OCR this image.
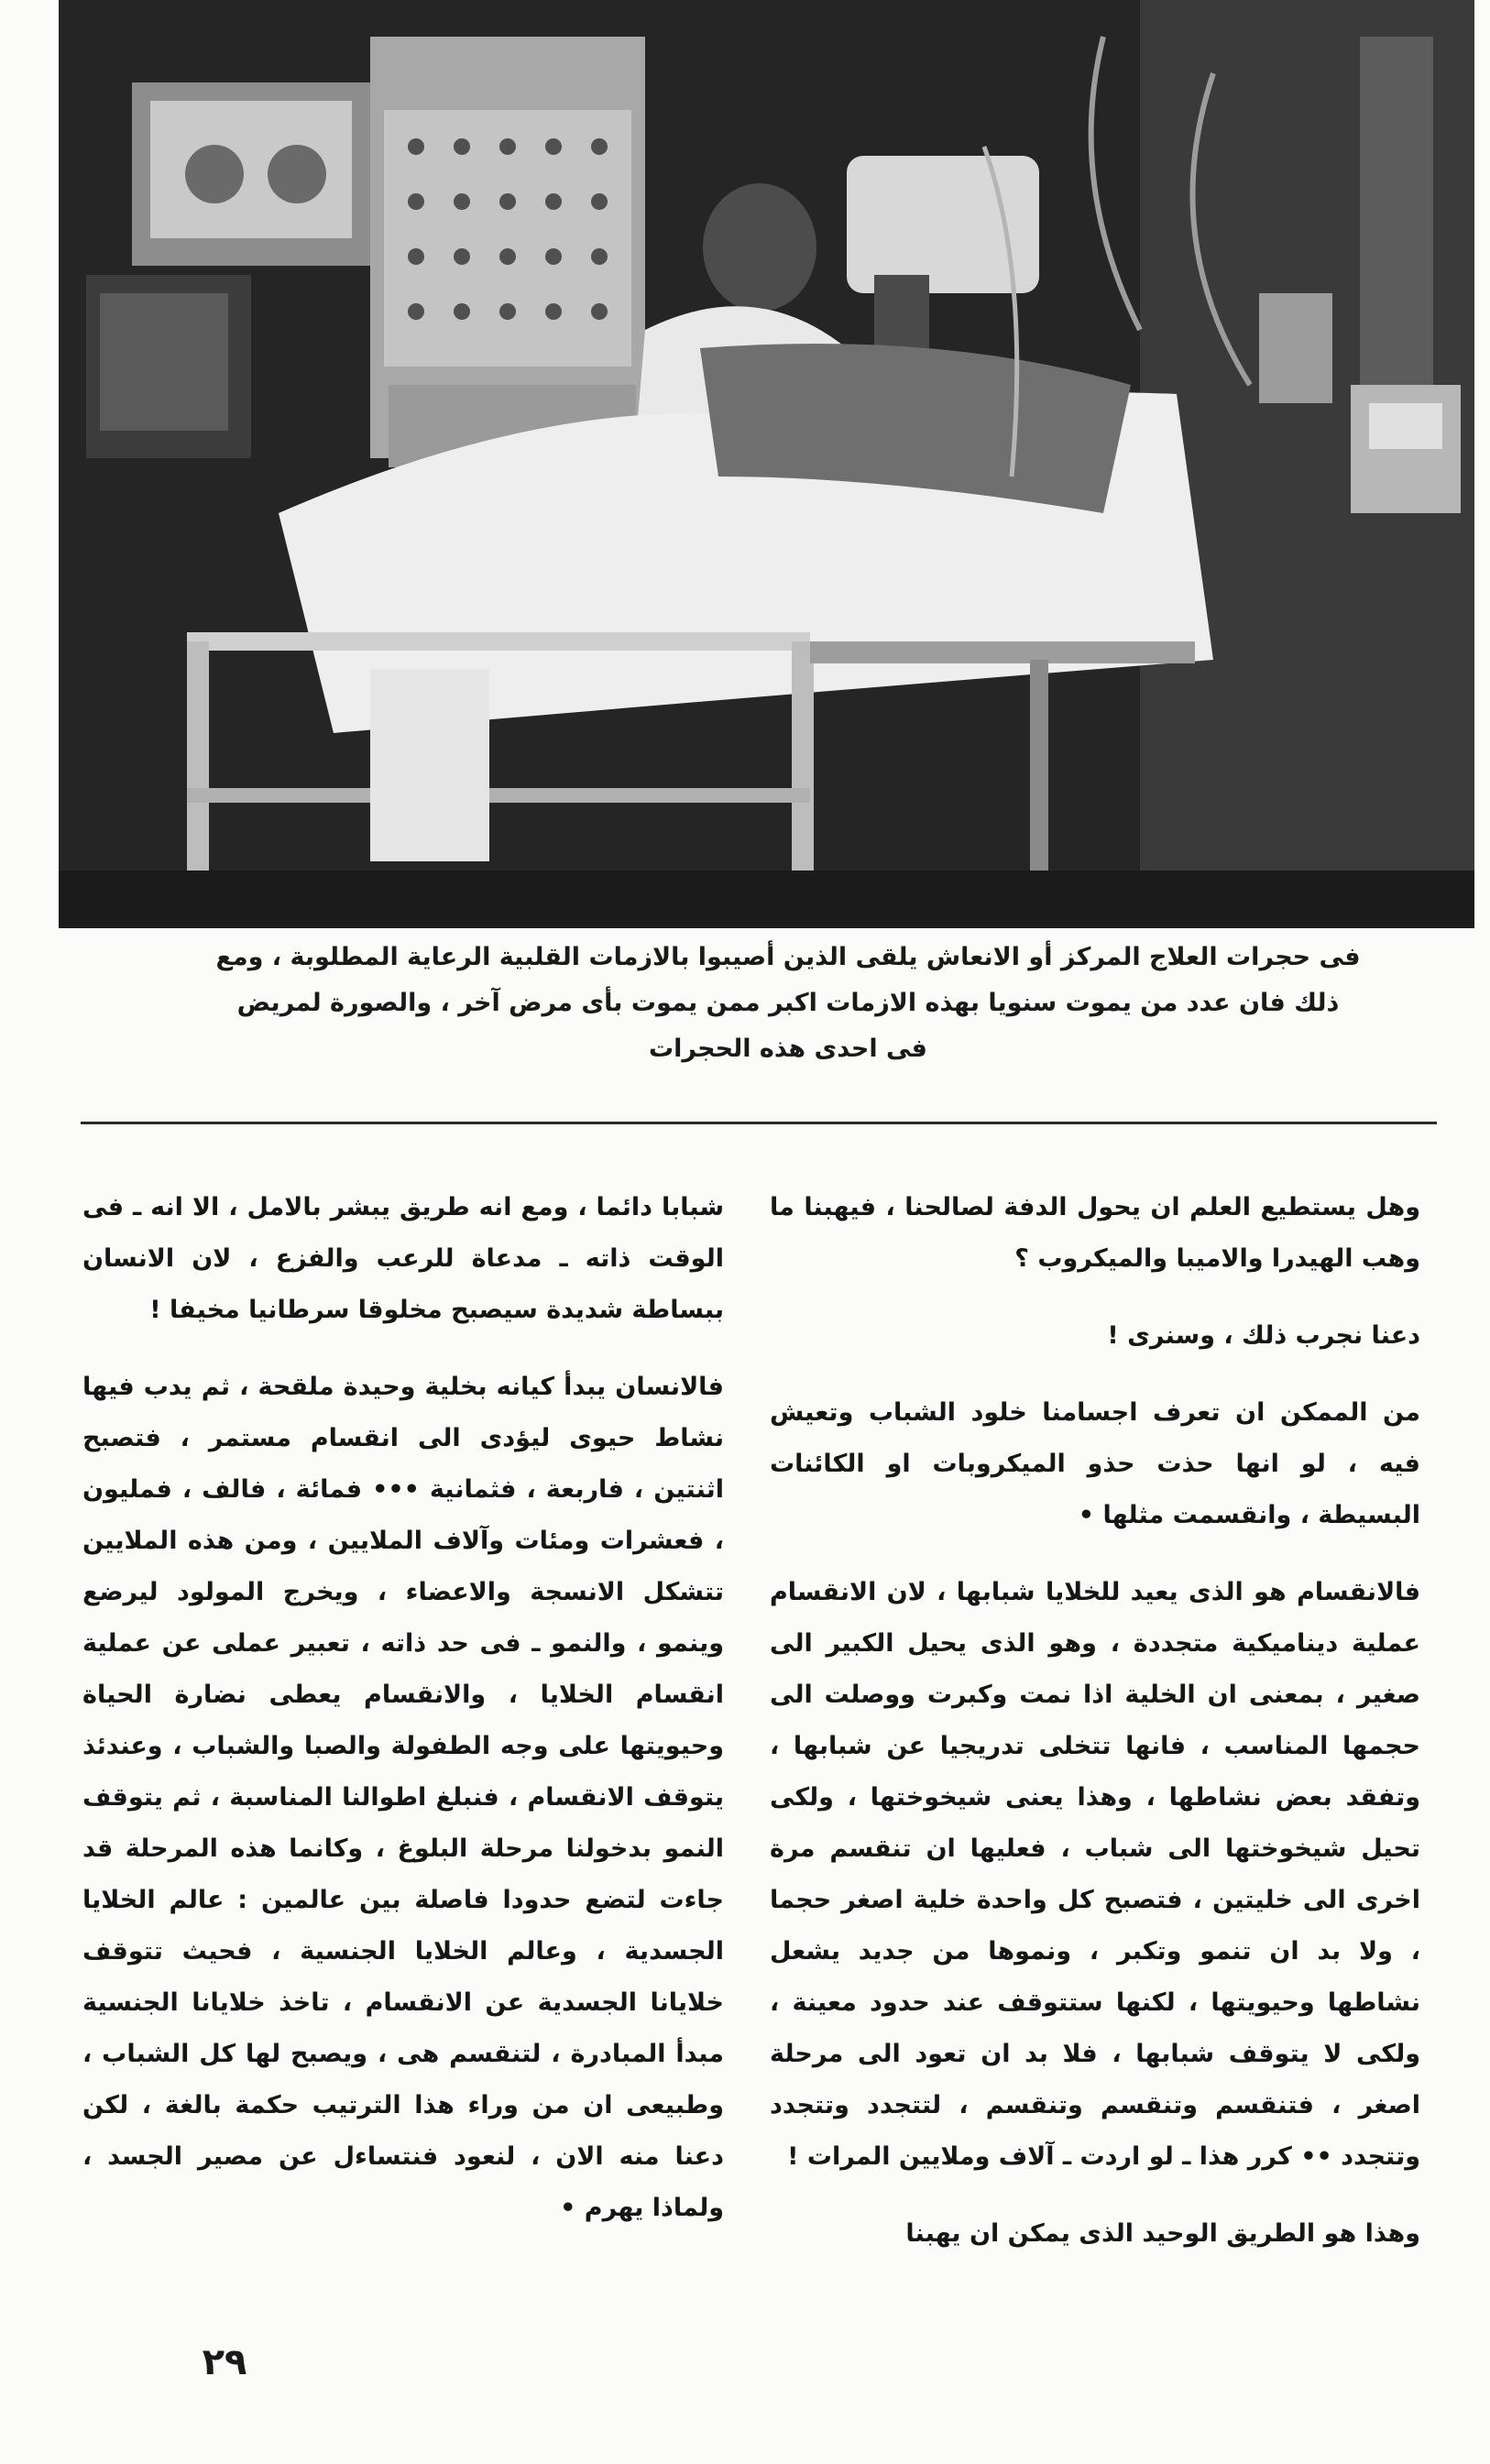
فى حجرات العلاج المركز أو الانعاش يلقى الذين أصيبوا بالازمات القلبية الرعاية المطلوبة ، ومع

ذلك فان عدد من يموت سنويا بهذه الازمات اكبر ممن يموت بأى مرض آخر ، والصورة لمريض

فى احدى هذه الحجرات

وهل يستطيع العلم ان يحول الدفة لصالحنا ، فيهبنا ما وهب الهيدرا والاميبا والميكروب ؟

دعنا نجرب ذلك ، وسنرى !

من الممكن ان تعرف اجسامنا خلود الشباب وتعيش فيه ، لو انها حذت حذو الميكروبات او الكائنات البسيطة ، وانقسمت مثلها •

فالانقسام هو الذى يعيد للخلايا شبابها ، لان الانقسام عملية ديناميكية متجددة ، وهو الذى يحيل الكبير الى صغير ، بمعنى ان الخلية اذا نمت وكبرت ووصلت الى حجمها المناسب ، فانها تتخلى تدريجيا عن شبابها ، وتفقد بعض نشاطها ، وهذا يعنى شيخوختها ، ولكى تحيل شيخوختها الى شباب ، فعليها ان تنقسم مرة اخرى الى خليتين ، فتصبح كل واحدة خلية اصغر حجما ، ولا بد ان تنمو وتكبر ، ونموها من جديد يشعل نشاطها وحيويتها ، لكنها ستتوقف عند حدود معينة ، ولكى لا يتوقف شبابها ، فلا بد ان تعود الى مرحلة اصغر ، فتنقسم وتنقسم وتنقسم ، لتتجدد وتتجدد وتتجدد •• كرر هذا ـ لو اردت ـ آلاف وملايين المرات !

وهذا هو الطريق الوحيد الذى يمكن ان يهبنا

شبابا دائما ، ومع انه طريق يبشر بالامل ، الا انه ـ فى الوقت ذاته ـ مدعاة للرعب والفزع ، لان الانسان ببساطة شديدة سيصبح مخلوقا سرطانيا مخيفا !

فالانسان يبدأ كيانه بخلية وحيدة ملقحة ، ثم يدب فيها نشاط حيوى ليؤدى الى انقسام مستمر ، فتصبح اثنتين ، فاربعة ، فثمانية ••• فمائة ، فالف ، فمليون ، فعشرات ومئات وآلاف الملايين ، ومن هذه الملايين تتشكل الانسجة والاعضاء ، ويخرج المولود ليرضع وينمو ، والنمو ـ فى حد ذاته ، تعبير عملى عن عملية انقسام الخلايا ، والانقسام يعطى نضارة الحياة وحيويتها على وجه الطفولة والصبا والشباب ، وعندئذ يتوقف الانقسام ، فنبلغ اطوالنا المناسبة ، ثم يتوقف النمو بدخولنا مرحلة البلوغ ، وكانما هذه المرحلة قد جاءت لتضع حدودا فاصلة بين عالمين : عالم الخلايا الجسدية ، وعالم الخلايا الجنسية ، فحيث تتوقف خلايانا الجسدية عن الانقسام ، تاخذ خلايانا الجنسية مبدأ المبادرة ، لتنقسم هى ، ويصبح لها كل الشباب ، وطبيعى ان من وراء هذا الترتيب حكمة بالغة ، لكن دعنا منه الان ، لنعود فنتساءل عن مصير الجسد ، ولماذا يهرم •

٢٩
